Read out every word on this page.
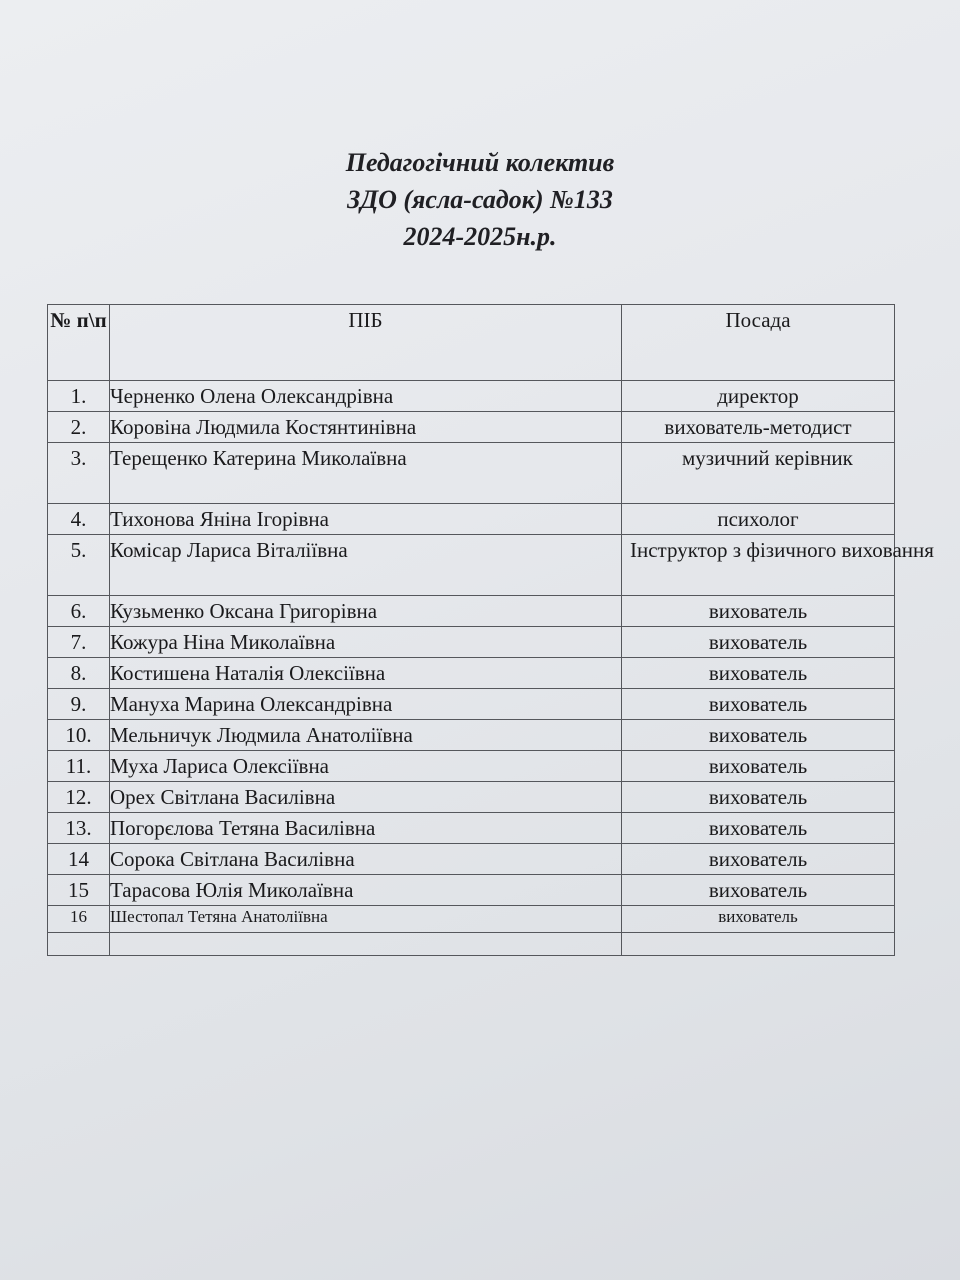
Педагогічний колектив
ЗДО (ясла-садок) №133
2024-2025н.р.
№ п\п	ПІБ	Посада
1.	Черненко Олена Олександрівна	директор
2.	Коровіна Людмила Костянтинівна	вихователь-методист
3.	Терещенко Катерина Миколаївна	музичний керівник
4.	Тихонова Яніна Ігорівна	психолог
5.	Комісар Лариса Віталіївна	Інструктор з фізичного виховання
6.	Кузьменко Оксана Григорівна	вихователь
7.	Кожура Ніна Миколаївна	вихователь
8.	Костишена Наталія Олексіївна	вихователь
9.	Мануха Марина Олександрівна	вихователь
10.	Мельничук Людмила Анатоліївна	вихователь
11.	Муха Лариса Олексіївна	вихователь
12.	Орех Світлана Василівна	вихователь
13.	Погорєлова Тетяна Василівна	вихователь
14	Сорока Світлана Василівна	вихователь
15	Тарасова Юлія Миколаївна	вихователь
16	Шестопал Тетяна Анатоліївна	вихователь
